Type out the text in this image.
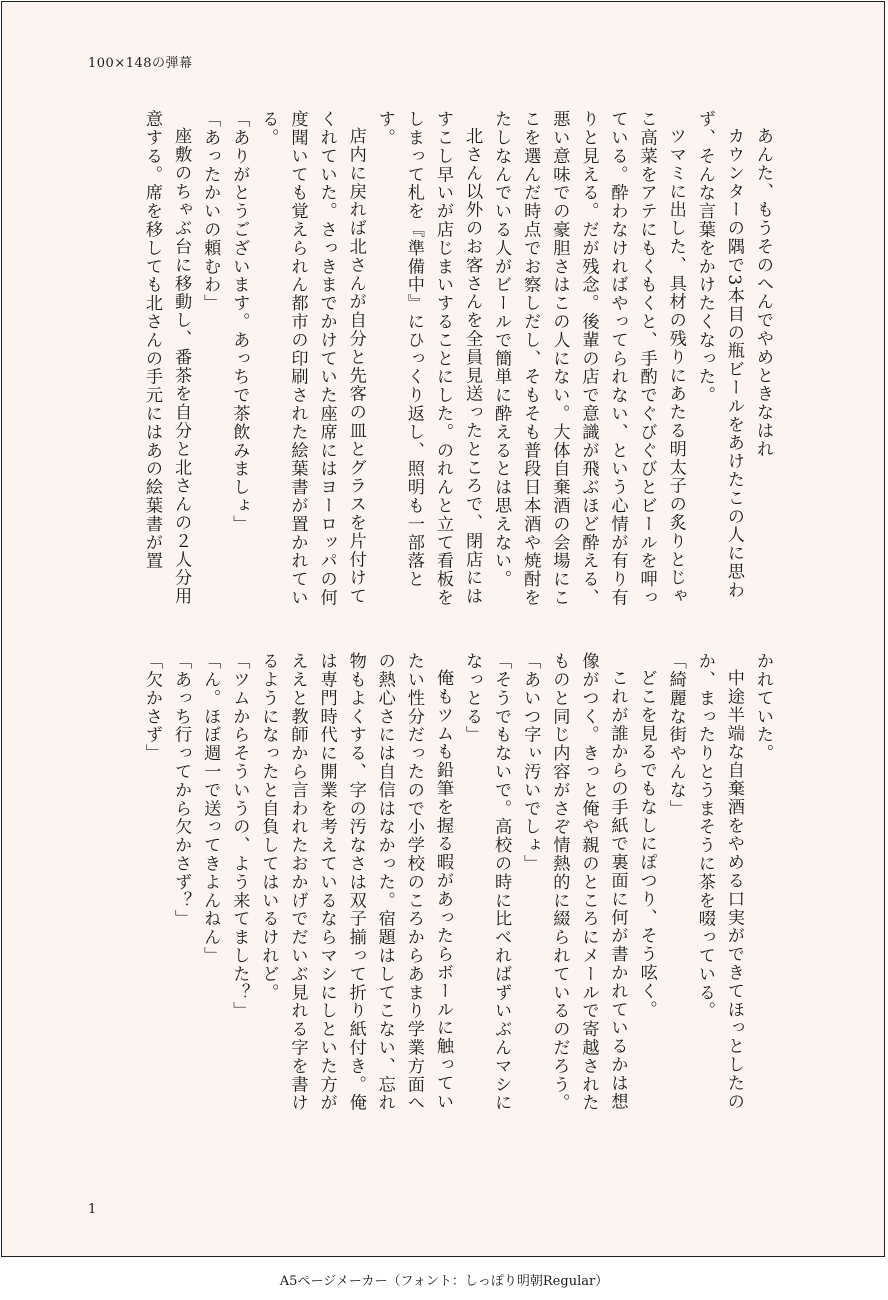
100×148の弾幕

あんた、もうそのへんでやめときなはれ

カウンターの隅で3本目の瓶ビールをあけたこの人に思わず、そんな言葉をかけたくなった。

ツマミに出した、具材の残りにあたる明太子の炙りとじゃこ高菜をアテにもくもくと、手酌でぐびぐびとビールを呷っている。酔わなければやってられない、という心情が有り有りと見える。だが残念。後輩の店で意識が飛ぶほど酔える、悪い意味での豪胆さはこの人にない。大体自棄酒の会場にここを選んだ時点でお察しだし、そもそも普段日本酒や焼酎をたしなんでいる人がビールで簡単に酔えるとは思えない。

北さん以外のお客さんを全員見送ったところで、閉店にはすこし早いが店じまいすることにした。のれんと立て看板をしまって札を『準備中』にひっくり返し、照明も一部落とす。

店内に戻れば北さんが自分と先客の皿とグラスを片付けてくれていた。さっきまでかけていた座席にはヨーロッパの何度聞いても覚えられん都市の印刷された絵葉書が置かれている。

「ありがとうございます。あっちで茶飲みましょ」

「あったかいの頼むわ」

座敷のちゃぶ台に移動し、番茶を自分と北さんの２人分用意する。席を移しても北さんの手元にはあの絵葉書が置

かれていた。

中途半端な自棄酒をやめる口実ができてほっとしたのか、まったりとうまそうに茶を啜っている。

「綺麗な街やんな」

どこを見るでもなしにぽつり、そう呟く。

これが誰からの手紙で裏面に何が書かれているかは想像がつく。きっと俺や親のところにメールで寄越されたものと同じ内容がさぞ情熱的に綴られているのだろう。

「あいつ字ぃ汚いでしょ」

「そうでもないで。高校の時に比べればずいぶんマシになっとる」

俺もツムも鉛筆を握る暇があったらボールに触っていたい性分だったので小学校のころからあまり学業方面への熱心さには自信はなかった。宿題はしてこない、忘れ物もよくする、字の汚なさは双子揃って折り紙付き。俺は専門時代に開業を考えているならマシにしといた方がええと教師から言われたおかげでだいぶ見れる字を書けるようになったと自負してはいるけれど。

「ツムからそういうの、よう来てました？」

「ん。ほぼ週一で送ってきよんねん」

「あっち行ってから欠かさず？」

「欠かさず」

1
A5ページメーカー（フォント：しっぽり明朝Regular）
